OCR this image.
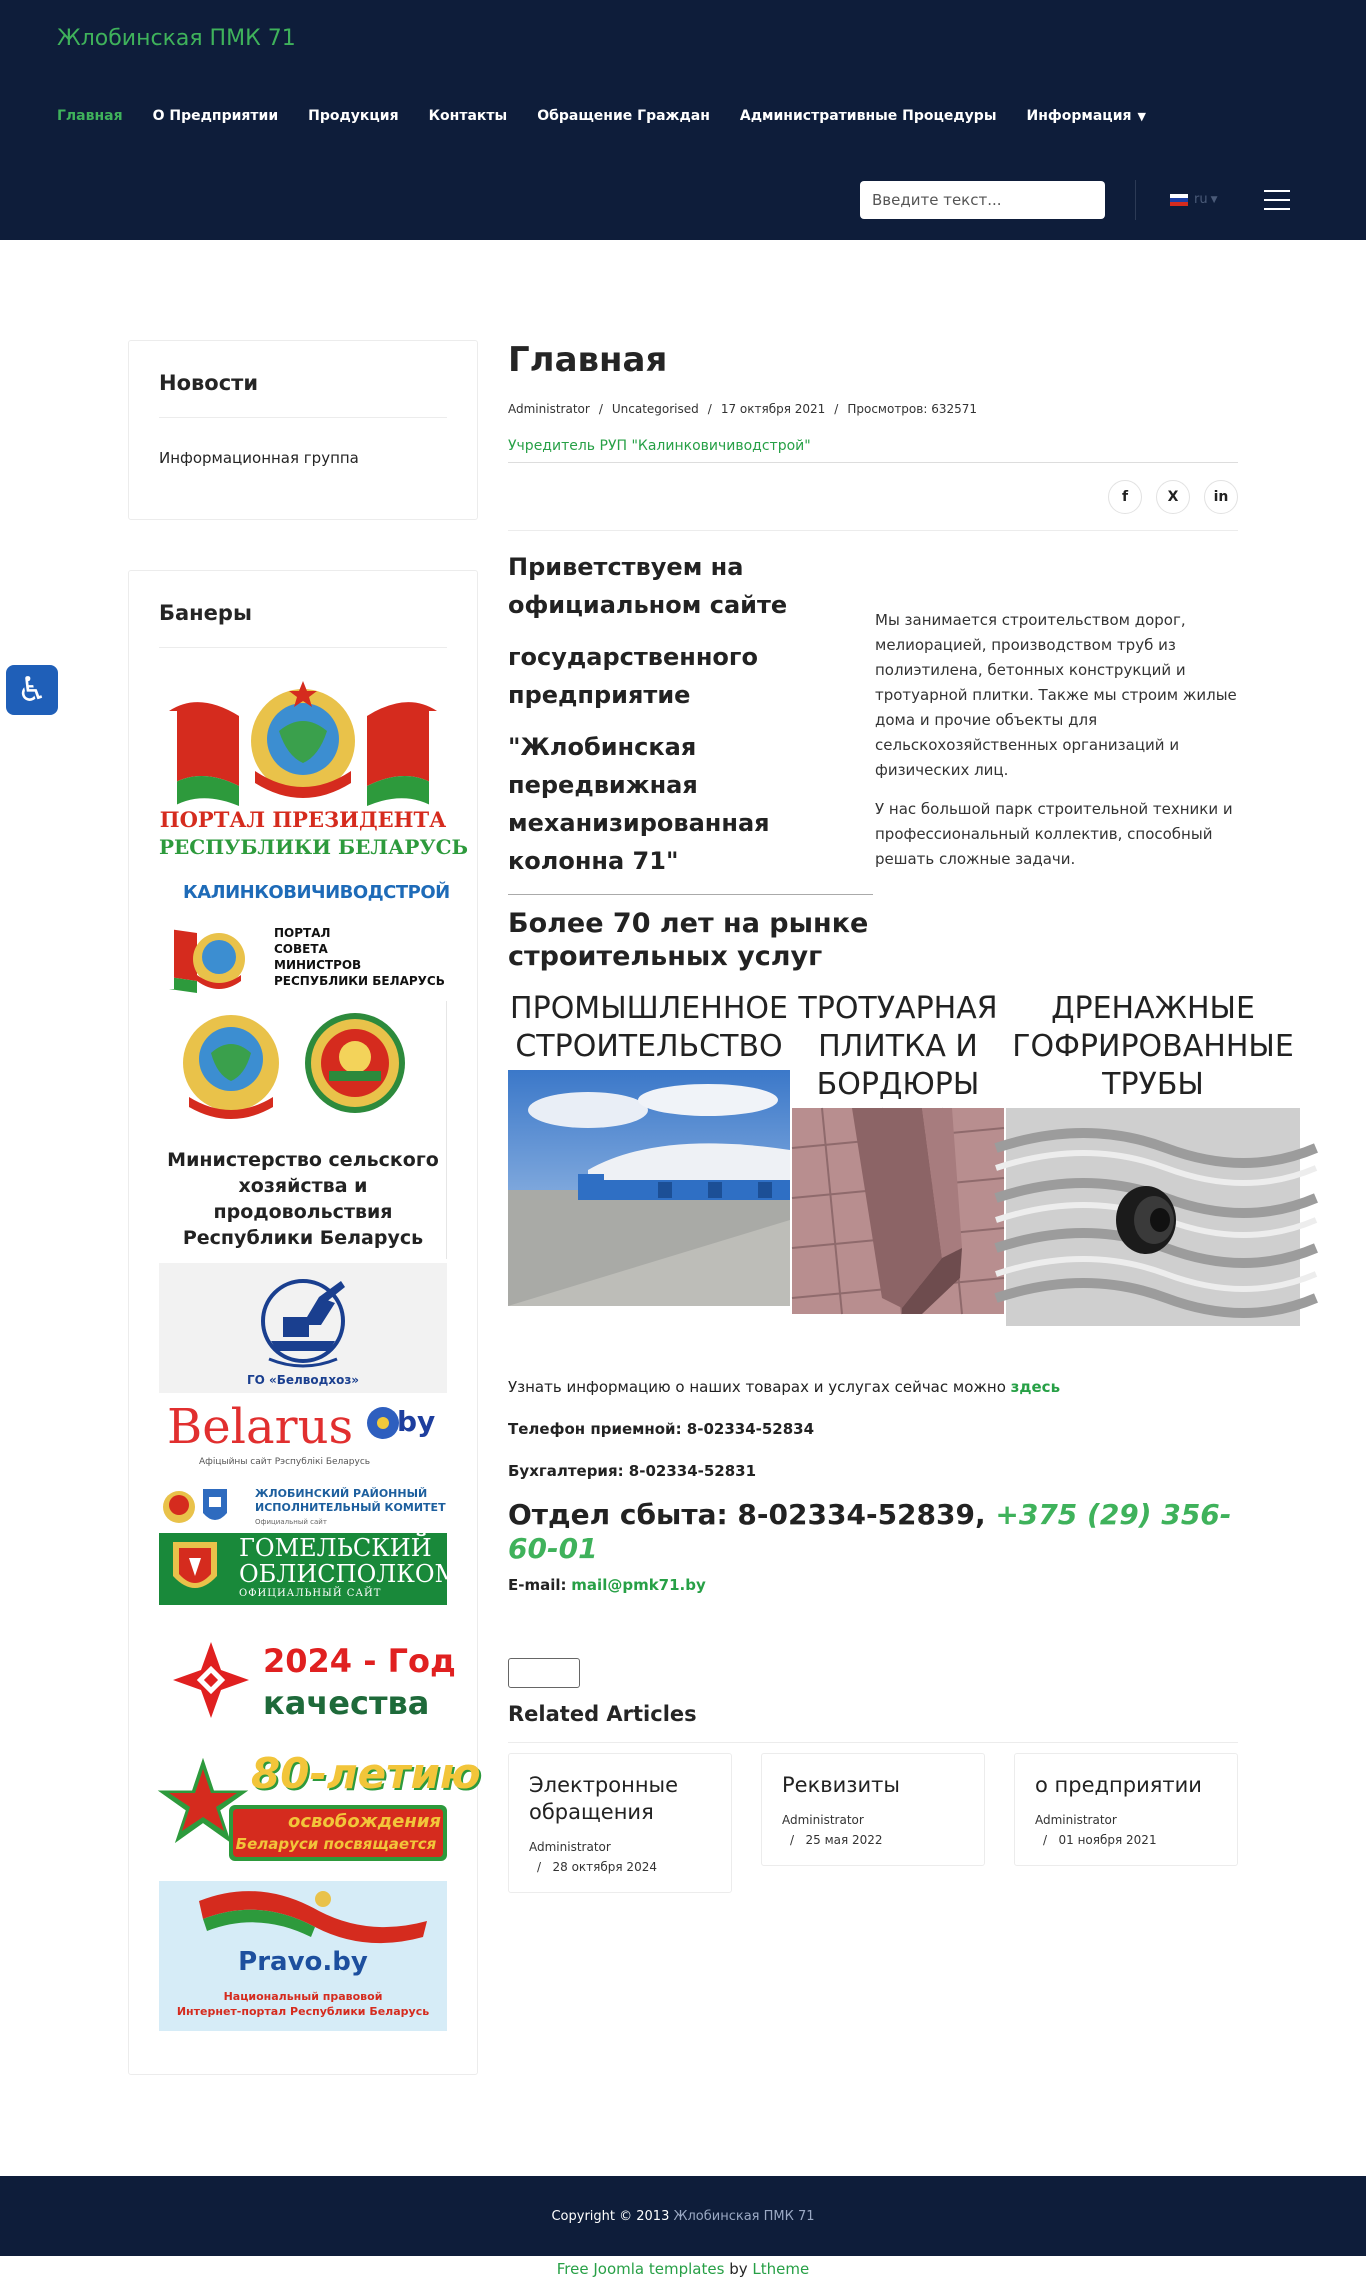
Жлобинская ПМК 71
Главная О Предприятии Продукция Контакты Обращение Граждан Административные Процедуры Информация ▼
Введите текст...
ru ▼
♿
Новости
Информационная группа
Банеры
ПОРТАЛ ПРЕЗИДЕНТА
РЕСПУБЛИКИ БЕЛАРУСЬ
КАЛИНКОВИЧИВОДСТРОЙ
ПОРТАЛ
СОВЕТА
МИНИСТРОВ
РЕСПУБЛИКИ БЕЛАРУСЬ
Министерство сельского
хозяйства и
продовольствия
Республики Беларусь
ГО «Белводхоз»
Belarus by
Афіцыйны сайт Рэспублікі Беларусь
ЖЛОБИНСКИЙ РАЙОННЫЙ
ИСПОЛНИТЕЛЬНЫЙ КОМИТЕТ
Официальный сайт
ГОМЕЛЬСКИЙ
ОБЛИСПОЛКОМ
ОФИЦИАЛЬНЫЙ САЙТ
2024 - Год
качества
80-летию
освобождения
Беларуси посвящается
Pravo.by
Национальный правовой
Интернет-портал Республики Беларусь
Главная
Administrator / Uncategorised / 17 октября 2021 / Просмотров: 632571
Учредитель РУП "Калинковичиводстрой"
f	X	in

Приветствуем на официальном сайте

государственного предприятие

"Жлобинская передвижная механизированная колонна 71"

Более 70 лет на рынке строительных услуг

Мы занимается строительством дорог, мелиорацией, производством труб из полиэтилена, бетонных конструкций и тротуарной плитки. Также мы строим жилые дома и прочие объекты для сельскохозяйственных организаций и физических лиц.

У нас большой парк строительной техники и профессиональный коллектив, способный решать сложные задачи.

ПРОМЫШЛЕННОЕ СТРОИТЕЛЬСТВО
ТРОТУАРНАЯ ПЛИТКА И БОРДЮРЫ
ДРЕНАЖНЫЕ ГОФРИРОВАННЫЕ ТРУБЫ
Узнать информацию о наших товарах и услугах сейчас можно здесь
Телефон приемной: 8-02334-52834
Бухгалтерия: 8-02334-52831
Отдел сбыта: 8-02334-52839, +375 (29) 356-60-01
E-mail: mail@pmk71.by
Related Articles
Электронные обращения
Administrator
/   28 октября 2024
Реквизиты
Administrator
/   25 мая 2022
о предприятии
Administrator
/   01 ноября 2021
Copyright © 2013 Жлобинская ПМК 71
Free Joomla templates by Ltheme
